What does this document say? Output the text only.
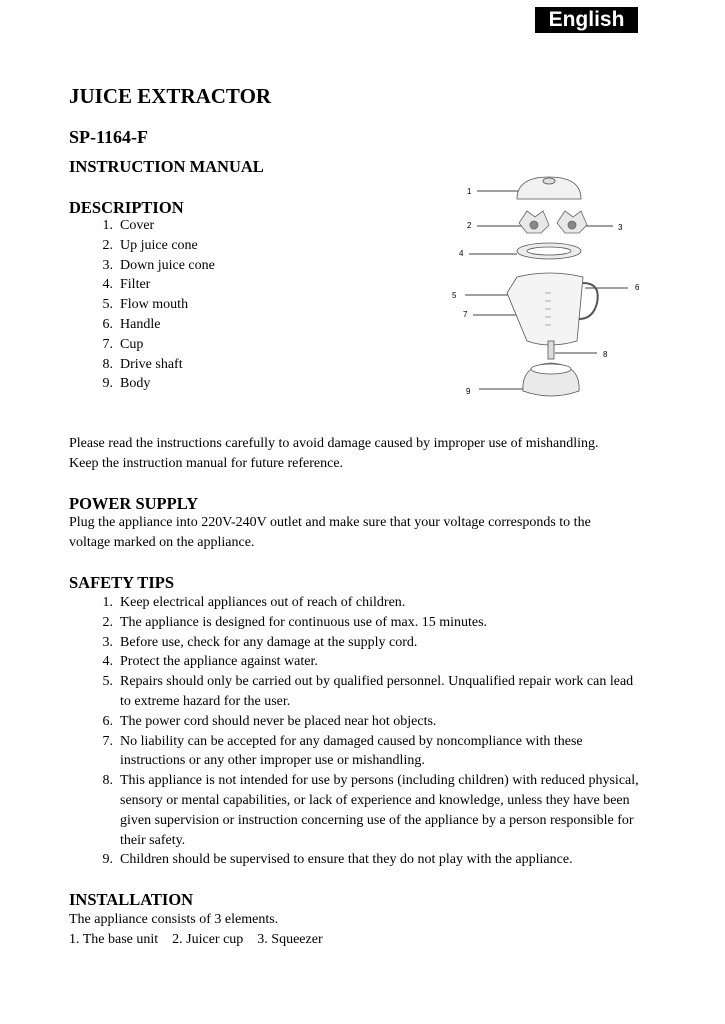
English
JUICE EXTRACTOR
SP-1164-F
INSTRUCTION MANUAL
DESCRIPTION
1. Cover
2. Up juice cone
3. Down juice cone
4. Filter
5. Flow mouth
6. Handle
7. Cup
8. Drive shaft
9. Body
1
2	3
4
5
6
7
8
9
Please read the instructions carefully to avoid damage caused by improper use of mishandling.
Keep the instruction manual for future reference.
POWER SUPPLY
Plug the appliance into 220V-240V outlet and make sure that your voltage corresponds to the
voltage marked on the appliance.
SAFETY TIPS
1. Keep electrical appliances out of reach of children.
2. The appliance is designed for continuous use of max. 15 minutes.
3. Before use, check for any damage at the supply cord.
4. Protect the appliance against water.
5. Repairs should only be carried out by qualified personnel. Unqualified repair work can lead
to extreme hazard for the user.
6. The power cord should never be placed near hot objects.
7. No liability can be accepted for any damaged caused by noncompliance with these
instructions or any other improper use or mishandling.
8. This appliance is not intended for use by persons (including children) with reduced physical,
sensory or mental capabilities, or lack of experience and knowledge, unless they have been
given supervision or instruction concerning use of the appliance by a person responsible for
their safety.
9. Children should be supervised to ensure that they do not play with the appliance.
INSTALLATION
The appliance consists of 3 elements.
1. The base unit    2. Juicer cup    3. Squeezer
